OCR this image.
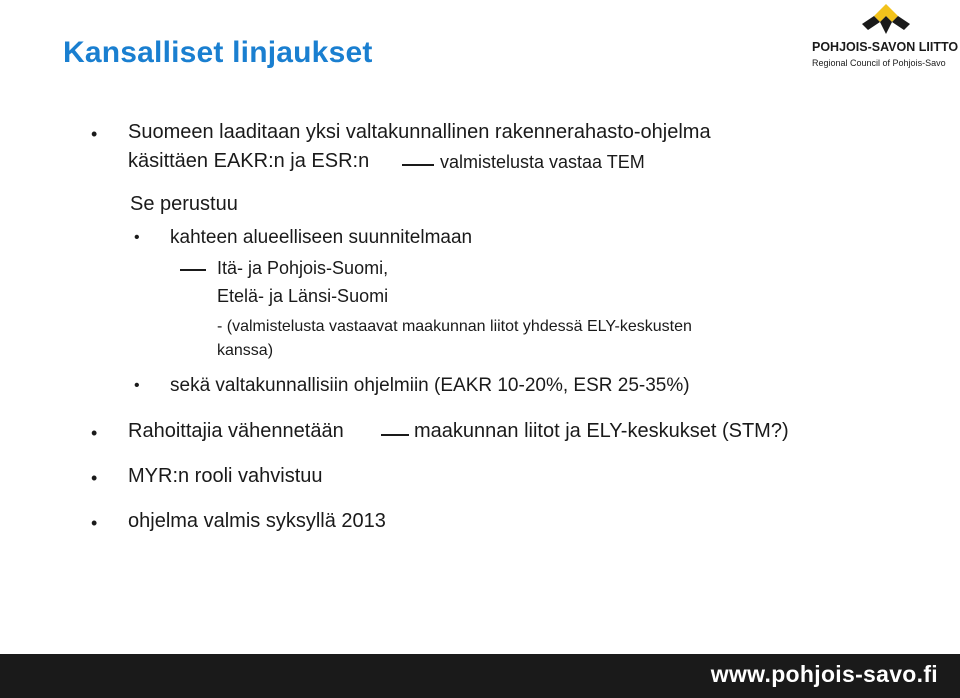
Kansalliset linjaukset	POHJOIS-SAVON LIITTO
Regional Council of Pohjois-Savo
• Suomeen laaditaan yksi valtakunnallinen rakennerahasto-ohjelma
käsittäen EAKR:n ja ESR:n	valmistelusta vastaa TEM
Se perustuu
• kahteen alueelliseen suunnitelmaan
Itä- ja Pohjois-Suomi,
Etelä- ja Länsi-Suomi
- (valmistelusta vastaavat maakunnan liitot yhdessä ELY-keskusten
kanssa)
• sekä valtakunnallisiin ohjelmiin (EAKR 10-20%, ESR 25-35%)
• Rahoittajia vähennetään	maakunnan liitot ja ELY-keskukset (STM?)
• MYR:n rooli vahvistuu
• ohjelma valmis syksyllä 2013
www.pohjois-savo.fi
